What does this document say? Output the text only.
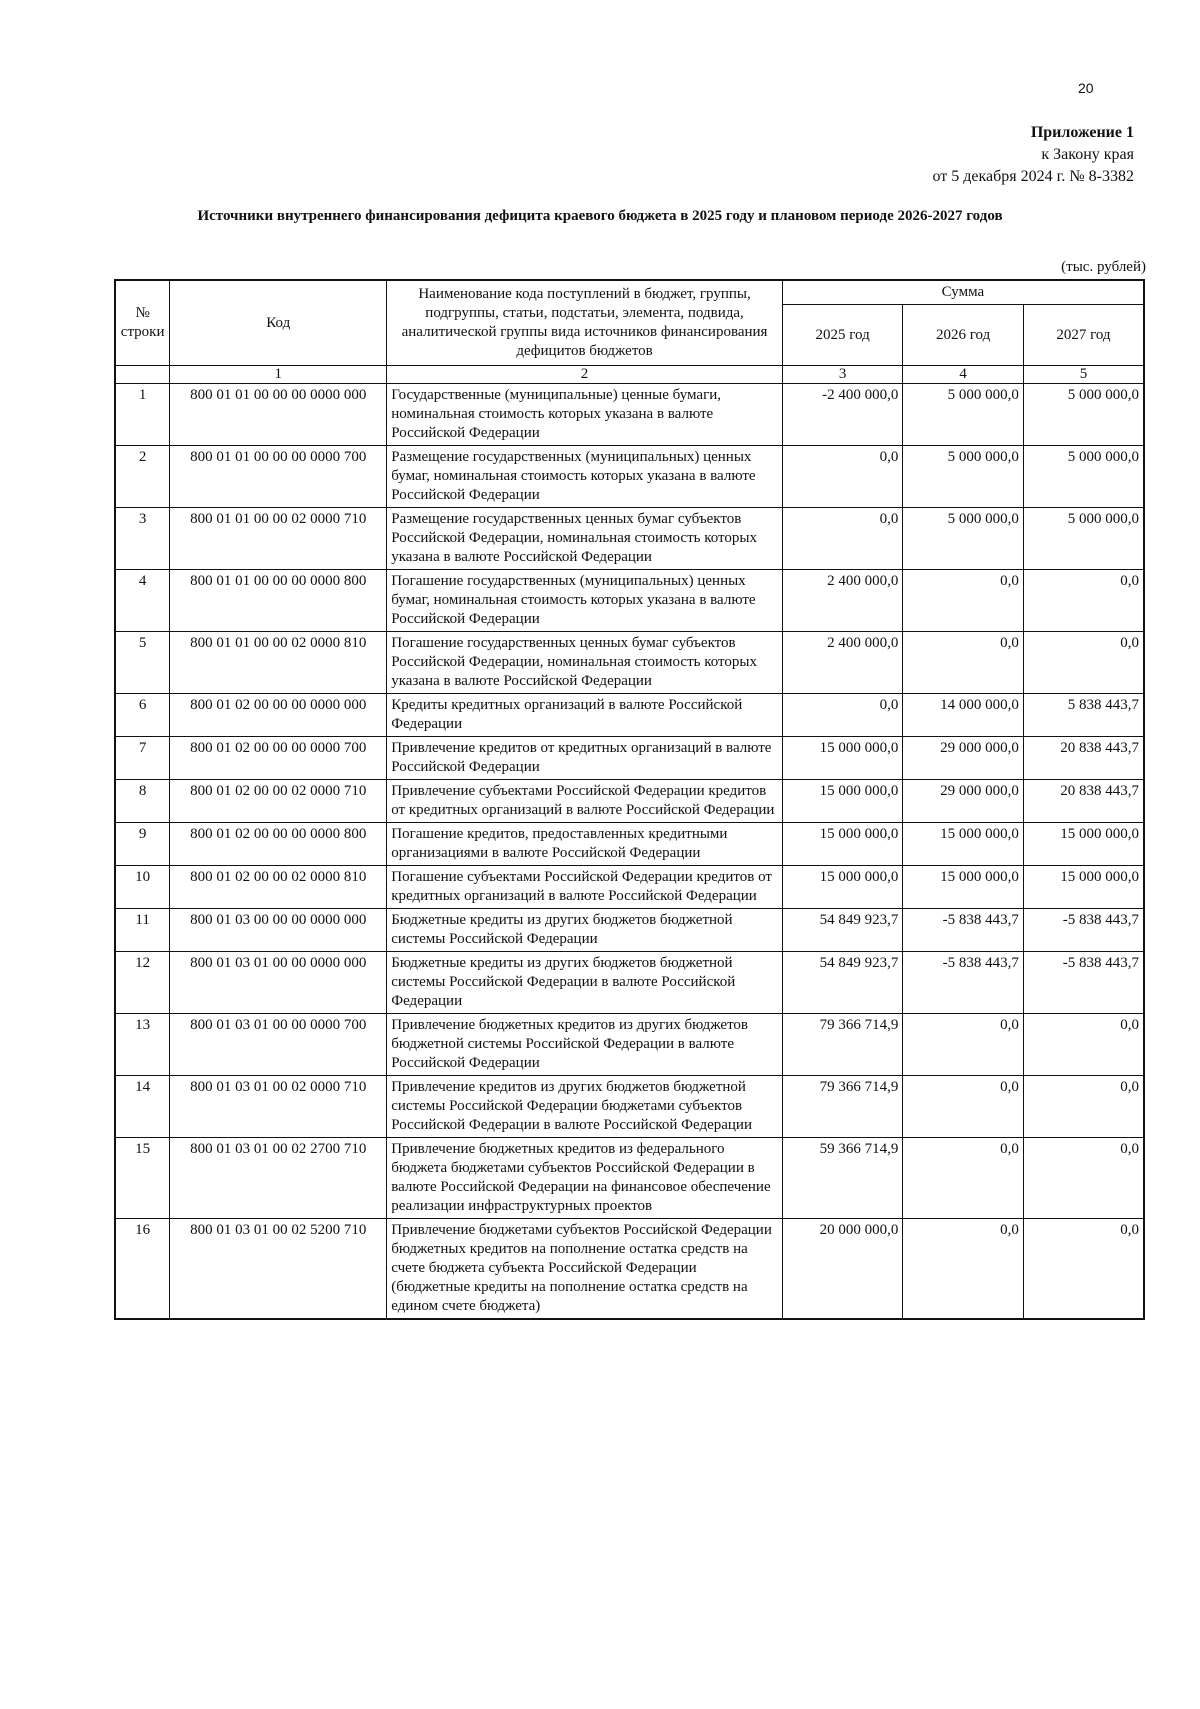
20
Приложение 1
к Закону края
от 5 декабря 2024 г. № 8-3382
Источники внутреннего финансирования дефицита краевого бюджета в 2025 году и плановом периоде 2026-2027 годов
(тыс. рублей)
№ строки	Код	Наименование кода поступлений в бюджет, группы, подгруппы, статьи, подстатьи, элемента, подвида, аналитической группы вида источников финансирования дефицитов бюджетов	Сумма		
			2025 год	2026 год	2027 год
	1	2	3	4	5
1	800 01 01 00 00 00 0000 000	Государственные (муниципальные) ценные бумаги, номинальная стоимость которых указана в валюте Российской Федерации	-2 400 000,0	5 000 000,0	5 000 000,0
2	800 01 01 00 00 00 0000 700	Размещение государственных (муниципальных) ценных бумаг, номинальная стоимость которых указана в валюте Российской Федерации	0,0	5 000 000,0	5 000 000,0
3	800 01 01 00 00 02 0000 710	Размещение государственных ценных бумаг субъектов Российской Федерации, номинальная стоимость которых указана в валюте Российской Федерации	0,0	5 000 000,0	5 000 000,0
4	800 01 01 00 00 00 0000 800	Погашение государственных (муниципальных) ценных бумаг, номинальная стоимость которых указана в валюте Российской Федерации	2 400 000,0	0,0	0,0
5	800 01 01 00 00 02 0000 810	Погашение государственных ценных бумаг субъектов Российской Федерации, номинальная стоимость которых указана в валюте Российской Федерации	2 400 000,0	0,0	0,0
6	800 01 02 00 00 00 0000 000	Кредиты кредитных организаций в валюте Российской Федерации	0,0	14 000 000,0	5 838 443,7
7	800 01 02 00 00 00 0000 700	Привлечение кредитов от кредитных организаций в валюте Российской Федерации	15 000 000,0	29 000 000,0	20 838 443,7
8	800 01 02 00 00 02 0000 710	Привлечение субъектами Российской Федерации кредитов от кредитных организаций в валюте Российской Федерации	15 000 000,0	29 000 000,0	20 838 443,7
9	800 01 02 00 00 00 0000 800	Погашение кредитов, предоставленных кредитными организациями в валюте Российской Федерации	15 000 000,0	15 000 000,0	15 000 000,0
10	800 01 02 00 00 02 0000 810	Погашение субъектами Российской Федерации кредитов от кредитных организаций в валюте Российской Федерации	15 000 000,0	15 000 000,0	15 000 000,0
11	800 01 03 00 00 00 0000 000	Бюджетные кредиты из других бюджетов бюджетной системы Российской Федерации	54 849 923,7	-5 838 443,7	-5 838 443,7
12	800 01 03 01 00 00 0000 000	Бюджетные кредиты из других бюджетов бюджетной системы Российской Федерации в валюте Российской Федерации	54 849 923,7	-5 838 443,7	-5 838 443,7
13	800 01 03 01 00 00 0000 700	Привлечение бюджетных кредитов из других бюджетов бюджетной системы Российской Федерации в валюте Российской Федерации	79 366 714,9	0,0	0,0
14	800 01 03 01 00 02 0000 710	Привлечение кредитов из других бюджетов бюджетной системы Российской Федерации бюджетами субъектов Российской Федерации в валюте Российской Федерации	79 366 714,9	0,0	0,0
15	800 01 03 01 00 02 2700 710	Привлечение бюджетных кредитов из федерального бюджета бюджетами субъектов Российской Федерации в валюте Российской Федерации на финансовое обеспечение реализации инфраструктурных проектов	59 366 714,9	0,0	0,0
16	800 01 03 01 00 02 5200 710	Привлечение бюджетами субъектов Российской Федерации бюджетных кредитов на пополнение остатка средств на счете бюджета субъекта Российской Федерации (бюджетные кредиты на пополнение остатка средств на едином счете бюджета)	20 000 000,0	0,0	0,0
